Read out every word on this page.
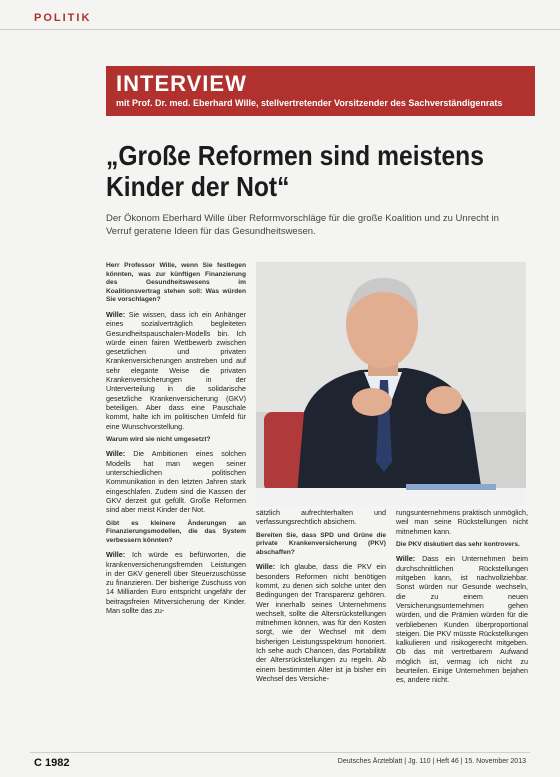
POLITIK
INTERVIEW
mit Prof. Dr. med. Eberhard Wille, stellvertretender Vorsitzender des Sachverständigenrats
„Große Reformen sind meistens Kinder der Not“
Der Ökonom Eberhard Wille über Reformvorschläge für die große Koalition und zu Unrecht in Verruf geratene Ideen für das Gesundheitswesen.

Herr Professor Wille, wenn Sie festlegen könnten, was zur künftigen Finanzierung des Gesundheitswesens im Koalitionsvertrag stehen soll: Was würden Sie vorschlagen?

Wille: Sie wissen, dass ich ein Anhänger eines sozialverträglich begleiteten Gesundheitspauschalen-Modells bin. Ich würde einen fairen Wettbewerb zwischen gesetzlichen und privaten Krankenversicherungen anstreben und auf sehr elegante Weise die privaten Krankenversicherungen in der Unterverteilung in die solidarische gesetzliche Krankenversicherung (GKV) beteiligen. Aber dass eine Pauschale kommt, halte ich im politischen Umfeld für eine Wunschvorstellung.

Warum wird sie nicht umgesetzt?

Wille: Die Ambitionen eines solchen Modells hat man wegen seiner unterschiedlichen politischen Kommunikation in den letzten Jahren stark eingeschlafen. Zudem sind die Kassen der GKV derzeit gut gefüllt. Große Reformen sind aber meist Kinder der Not.

Gibt es kleinere Änderungen an Finanzierungsmodellen, die das System verbessern könnten?

Wille: Ich würde es befürworten, die krankenversicherungsfremden Leistungen in der GKV generell über Steuerzuschüsse zu finanzieren. Der bisherige Zuschuss von 14 Milliarden Euro entspricht ungefähr der beitragsfreien Mitversicherung der Kinder. Man sollte das zu-

sätzlich aufrechterhalten und verfassungsrechtlich absichern.

Bereiten Sie, dass SPD und Grüne die private Krankenversicherung (PKV) abschaffen?

Wille: Ich glaube, dass die PKV ein besonders Reformen nicht benötigen kommt, zu denen sich solche unter den Bedingungen der Transparenz gehören. Wer innerhalb seines Unternehmens wechselt, sollte die Altersrückstellungen mitnehmen können, was für den Kosten sorgt, wie der Wechsel mit dem bisherigen Leistungsspektrum honoriert. Ich sehe auch Chancen, das Portabilität der Altersrückstellungen zu regeln. Ab einem bestimmten Alter ist ja bisher ein Wechsel des Versiche-

rungsunternehmens praktisch unmöglich, weil man seine Rückstellungen nicht mitnehmen kann.

Die PKV diskutiert das sehr kontrovers.

Wille: Dass ein Unternehmen beim durchschnittlichen Rückstellungen mitgeben kann, ist nachvollziehbar. Sonst würden nur Gesunde wechseln, die zu einem neuen Versicherungsunternehmen gehen würden, und die Prämien würden für die verbliebenen Kunden überproportional steigen. Die PKV müsste Rückstellungen kalkulieren und risikogerecht mitgeben. Ob das mit vertretbarem Aufwand möglich ist, vermag ich nicht zu beurteilen. Einige Unternehmen bejahen es, andere nicht.

C 1982	Deutsches Ärzteblatt | Jg. 110 | Heft 46 | 15. November 2013
